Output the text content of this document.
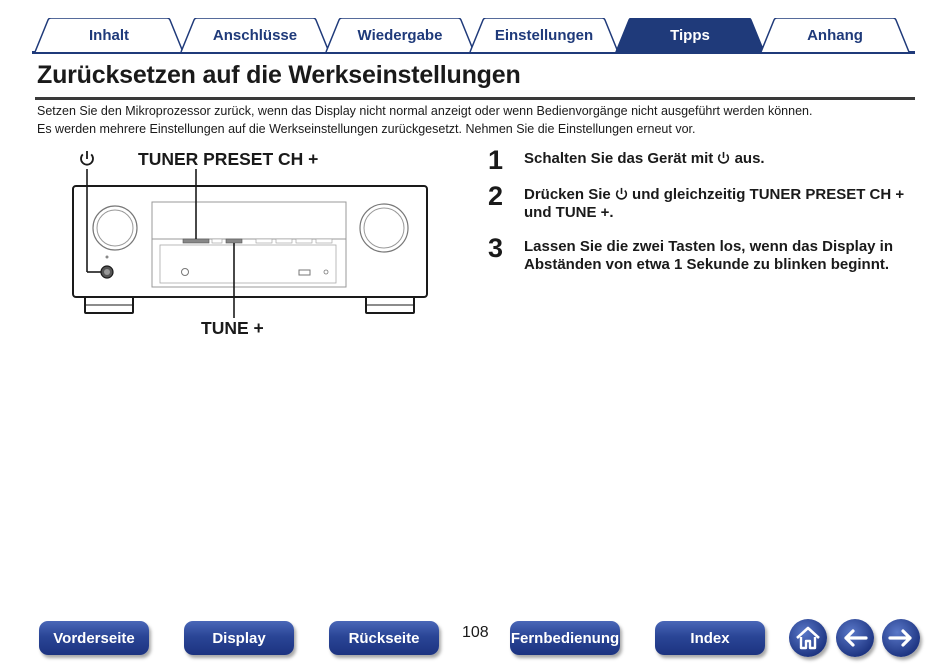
Inhalt	Anschlüsse	Wiedergabe	Einstellungen	Tipps	Anhang
Zurücksetzen auf die Werkseinstellungen

Setzen Sie den Mikroprozessor zurück, wenn das Display nicht normal anzeigt oder wenn Bedienvorgänge nicht ausgeführt werden können.

Es werden mehrere Einstellungen auf die Werkseinstellungen zurückgesetzt. Nehmen Sie die Einstellungen erneut vor.

TUNER PRESET CH +
TUNE +
1 Schalten Sie das Gerät mit  aus.
2 Drücken Sie  und gleichzeitig TUNER PRESET CH + und TUNE +.
3 Lassen Sie die zwei Tasten los, wenn das Display in Abständen von etwa 1 Sekunde zu blinken beginnt.
Vorderseite	Display	Rückseite	108 Fernbedienung	Index
